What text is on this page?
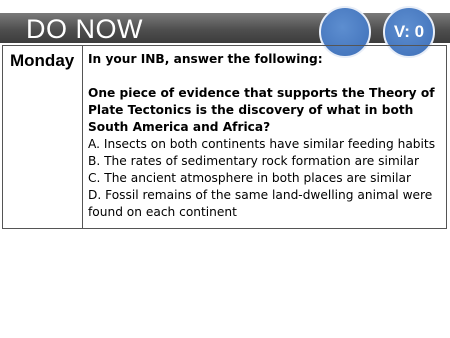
DO NOW	V: 0
Monday	In your INB, answer the following:
One piece of evidence that supports the Theory of Plate Tectonics is the discovery of what in both South America and Africa?
A. Insects on both continents have similar feeding habits
B. The rates of sedimentary rock formation are similar
C. The ancient atmosphere in both places are similar
D. Fossil remains of the same land-dwelling animal were found on each continent
